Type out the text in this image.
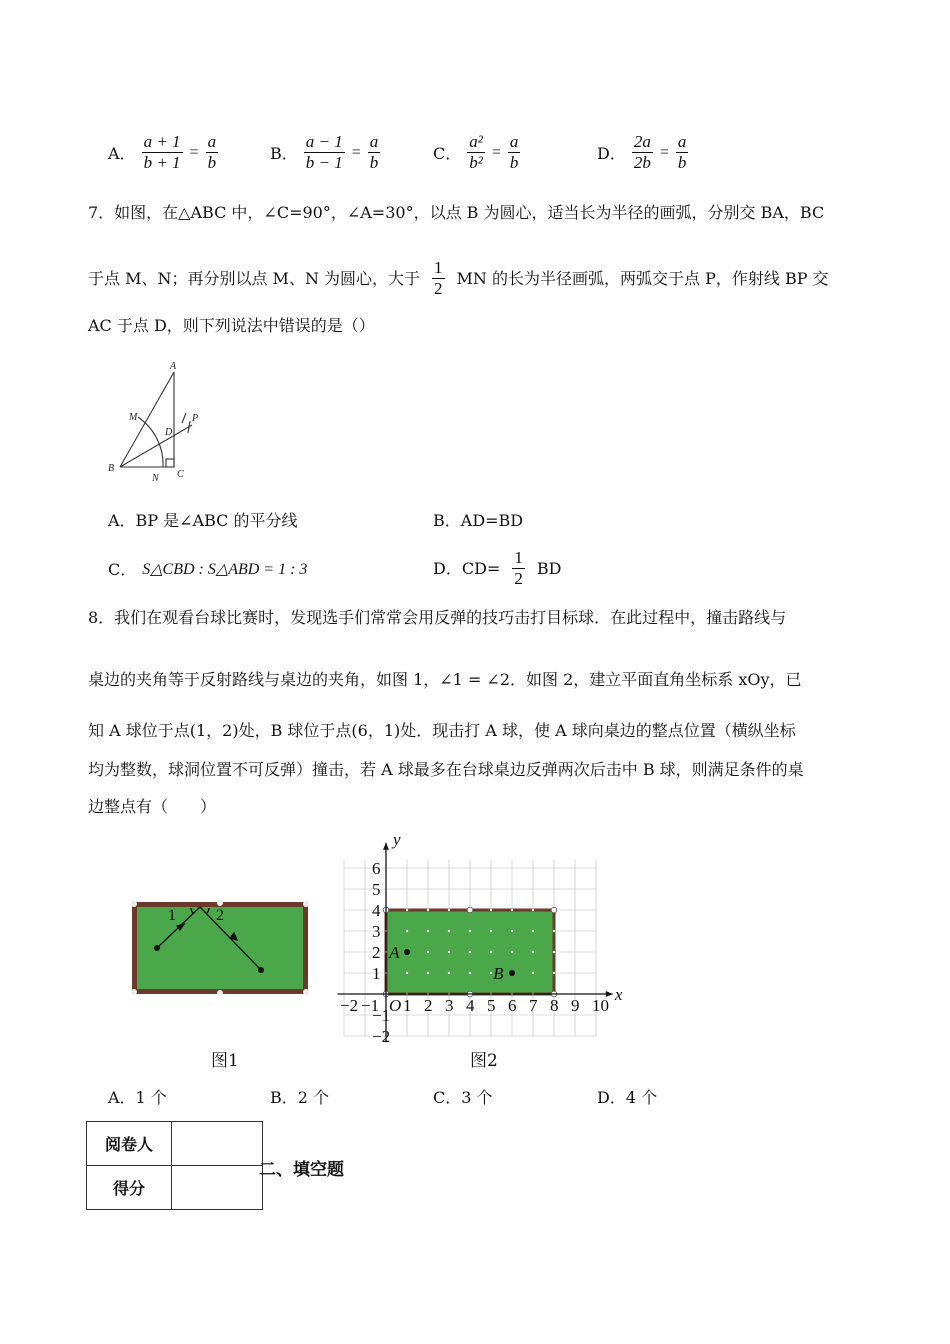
A． $\frac{a + 1}{b + 1} = \frac{a}{b}$	B． $\frac{a - 1}{b - 1} = \frac{a}{b}$	C． $\frac{\text{a²}}{\text{b²}} = \frac{a}{b}$	D． $\frac{2a}{2b} = \frac{a}{b}$
7．如图，在△ABC 中，∠C=90°，∠A=30°，以点 B 为圆心，适当长为半径的画弧，分别交 BA，BC
于点 M、N；再分别以点 M、N 为圆心，大于 $\frac{1}{2}$ MN 的长为半径画弧，两弧交于点 P，作射线 BP 交
AC 于点 D，则下列说法中错误的是（）
A
M	P
D
B
N C
A．BP 是∠ABC 的平分线	B．AD=BD
C． S△CBD : S△ABD = 1 : 3	D．$CD= \frac{1}{2}$ BD
8．我们在观看台球比赛时，发现选手们常常会用反弹的技巧击打目标球．在此过程中，撞击路线与
桌边的夹角等于反射路线与桌边的夹角，如图 1，∠1 = ∠2．如图 2，建立平面直角坐标系 xOy，已
知 A 球位于点(1，2)处，B 球位于点(6，1)处．现击打 A 球，使 A 球向桌边的整点位置（横纵坐标
均为整数，球洞位置不可反弹）撞击，若 A 球最多在台球桌边反弹两次后击中 B 球，则满足条件的桌
边整点有（　　）
1	2
图1
−2 −1 1 2 3 4 5 6 7 8 9 10
−2
−1
1
2
3
4
5
6
O
x
y
A
B
图2
A．1 个	B．2 个	C．3 个	D．4 个
阅卷人	
得分	
二、填空题
